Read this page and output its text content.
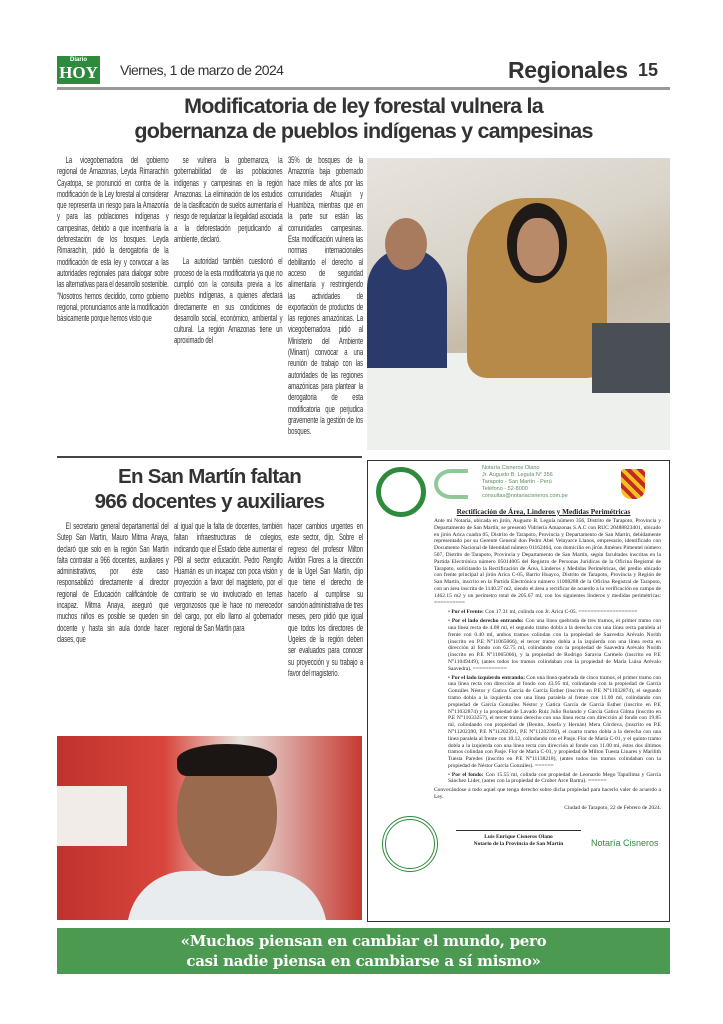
Diario
HOY Viernes, 1 de marzo de 2024	Regionales 15
Modificatoria de ley forestal vulnera la
gobernanza de pueblos indígenas y campesinas

La vicegobernadora del gobierno regional de Amazonas, Leyda Rimarachín Cayatopa, se pronunció en contra de la modificación de la Ley forestal al considerar que representa un riesgo para la Amazonía y para las poblaciones indígenas y campesinas, debido a que incentivaría la deforestación de los bosques. Leyda Rimarachín, pidió la derogatoria de la modificación de esta ley y convocar a las autoridades regionales para dialogar sobre las alternativas para el desarrollo sostenible. "Nosotros hemos decidido, como gobierno regional, pronunciarnos ante la modificación básicamente porque hemos visto que

se vulnera la gobernanza, la gobernabilidad de las poblaciones indígenas y campesinas en la región Amazonas. La eliminación de los estudios de la clasificación de suelos aumentaría el riesgo de regularizar la ilegalidad asociada a la deforestación perjudicando al ambiente, declaró.

La autoridad también cuestionó el proceso de la esta modificatoria ya que no cumplió con la consulta previa a los pueblos indígenas, a quienes afectará directamente en sus condiciones de desarrollo social, económico, ambiental y cultural. La región Amazonas tiene un aproximado del

35% de bosques de la Amazonía baja gobernado hace miles de años por las comunidades Ahuajún y Huambiza, mientras que en la parte sur están las comunidades campesinas. Esta modificación vulnera las normas internacionales debilitando el derecho al acceso de seguridad alimentaria y restringiendo las actividades de exportación de productos de las regiones amazónicas. La vicegobernadora pidió al Ministerio del Ambiente (Minam) convocar a una reunión de trabajo con las autoridades de las regiones amazónicas para plantear la derogatoria de esta modificatoria que perjudica gravemente la gestión de los bosques.

En San Martín faltan
966 docentes y auxiliares

El secretario general departamental del Sutep San Martín, Mauro Mitma Anaya, declaró que solo en la región San Martín falta contratar a 966 docentes, auxiliares y administrativos, por éste caso responsabilizó directamente al director regional de Educación calificándole de incapaz. Mitma Anaya, aseguró que muchos niños es posible se queden sin docente y hasta sin aula donde hacer clases, que

al igual que la falta de docentes, también faltan infraestructuras de colegios, indicando que el Estado debe aumentar el PBI al sector educación. Pedro Rengifo Huamán es un incapaz con poca visión y proyección a favor del magisterio, por el contrario se vio involucrado en temas vergonzosos que le hace no merecedor del cargo, por ello llamo al gobernador regional de San Martín para

hacer cambios urgentes en este sector, dijo. Sobre el regreso del profesor Milton Avidón Flores a la dirección de la Ugel San Martín, dijo que tiene el derecho de hacerlo al cumplirse su sanción administrativa de tres meses, pero pidió que igual que todos los directores de Ugeles de la región deben ser evaluados para conocer su proyección y su trabajo a favor del magisterio.

Notaría Cisneros Olano
Jr. Augusto B. Leguía N° 356
Tarapoto - San Martín - Perú
Teléfono - 52-8000
consultas@notariacisneros.com.pe
Rectificación de Área, Linderos y Medidas Perimétricas
Ante mi Notaría, ubicada en jirón, Augusto B. Leguía número 356, Distrito de Tarapoto, Provincia y Departamento de San Martín, se presentó Vidriería Amazonas S.A.C con RUC 20488823401, ubicado en jirón Arica cuadra 05, Distrito de Tarapoto, Provincia y Departamento de San Martín, debidamente representado por su Gerente General don Pedro Abel Velayarce Llanos, empresario, identificado con Documento Nacional de Identidad número 01162464, con domicilio en jirón Jiménez Pimentel número 507, Distrito de Tarapoto, Provincia y Departamento de San Martín, según facultades inscritas en la Partida Electrónica número 05014005 del Registro de Personas Jurídicas de la Oficina Registral de Tarapoto, solicitando la Rectificación de Área, Linderos y Medidas Perimétricas, del predio ubicado con frente principal al jirón Arica C-05, Barrio Huayco, Distrito de Tarapoto, Provincia y Región de San Martín, inscrito en la Partida Electrónica número 11008288 de la Oficina Registral de Tarapoto, con un área inscrita de 1140.27 m2, siendo el área a rectificar de acuerdo a la verificación en campo de 1462.15 m2 y un perímetro total de 205.67 ml, con los siguientes linderos y medidas perimétricas: ==========
• Por el Frente: Con 17.31 ml, colinda con Jr. Arica C-05. ===================
• Por el lado derecho entrando: Con una línea quebrada de tres tramos, el primer tramo con una línea recta de 4.08 ml, el segundo tramo dobla a la derecha con una línea recta paralela al frente con 0.40 ml, ambos tramos colindan con la propiedad de Saavedra Arévalo Norith (inscrito en P.E N°11065066), el tercer tramo dobla a la izquierda con una línea recta en dirección al fondo con 62.75 ml, colindando con la propiedad de Saavedra Arévalo Norith (inscrito en P.E N°11065066), y la propiedad de Rodrigo Saravia Carmelo (inscrito en P.E N°11049449), (antes todos los tramos colindaban con la propiedad de María Luisa Arévalo Saavedra). ===========
• Por el lado izquierdo entrando: Con una línea quebrada de cinco tramos, el primer tramo con una línea recta con dirección al fondo con 43.95 ml, colindando con la propiedad de García Gonzáles Néstor y Gatica García de García Esther (inscrito en P.E N°11032874), el segundo tramo dobla a la izquierda con una línea paralela al frente con 11.00 ml, colindando con propiedad de García Gonzáles Néstor y Gatica García de García Esther (inscrito en P.E N°11032874) y la propiedad de Lavado Ruiz Julio Rolando y García Gatica Gilma (inscrito en P.E N°11033257), el tercer tramo derecho con una línea recta con dirección al fondo con 19.85 ml, colindando con propiedad de (Benito, Josefa y Hernán) Mera Córdova, (inscrito en P.E N°11202390, P.E N°11202391, P.E N°11202392), el cuarto tramo dobla a la derecha con una línea paralela al frente con 10.12, colindando con el Pasje. Flor de María C-01, y el quinto tramo dobla a la izquierda con una línea recta con dirección al fondo con 11.00 ml, éstos dos últimos tramos colindan con Pasje. Flor de María C-01, y propiedad de Milton Tuesta Linares y Marilith Tuesta Paredes (inscrito en P.E N°11138218), (antes todos los tramos colindaban con la propiedad de Néstor García Gonzáles). ======
• Por el fondo: Con 15.55 ml, colinda con propiedad de Leonardo Mego Tapullima y García Sánchez Lider, (antes con la propiedad de Crober Arce Bartra). ======
Convocándose a todo aquel que tenga derecho sobre dicha propiedad para hacerlo valer de acuerdo a Ley.
Ciudad de Tarapoto, 22 de Febrero de 2024.
Luis Enrique Cisneros Olano
Notario de la Provincia de San Martín	Notaría Cisneros
«Muchos piensan en cambiar el mundo, pero
casi nadie piensa en cambiarse a sí mismo»
